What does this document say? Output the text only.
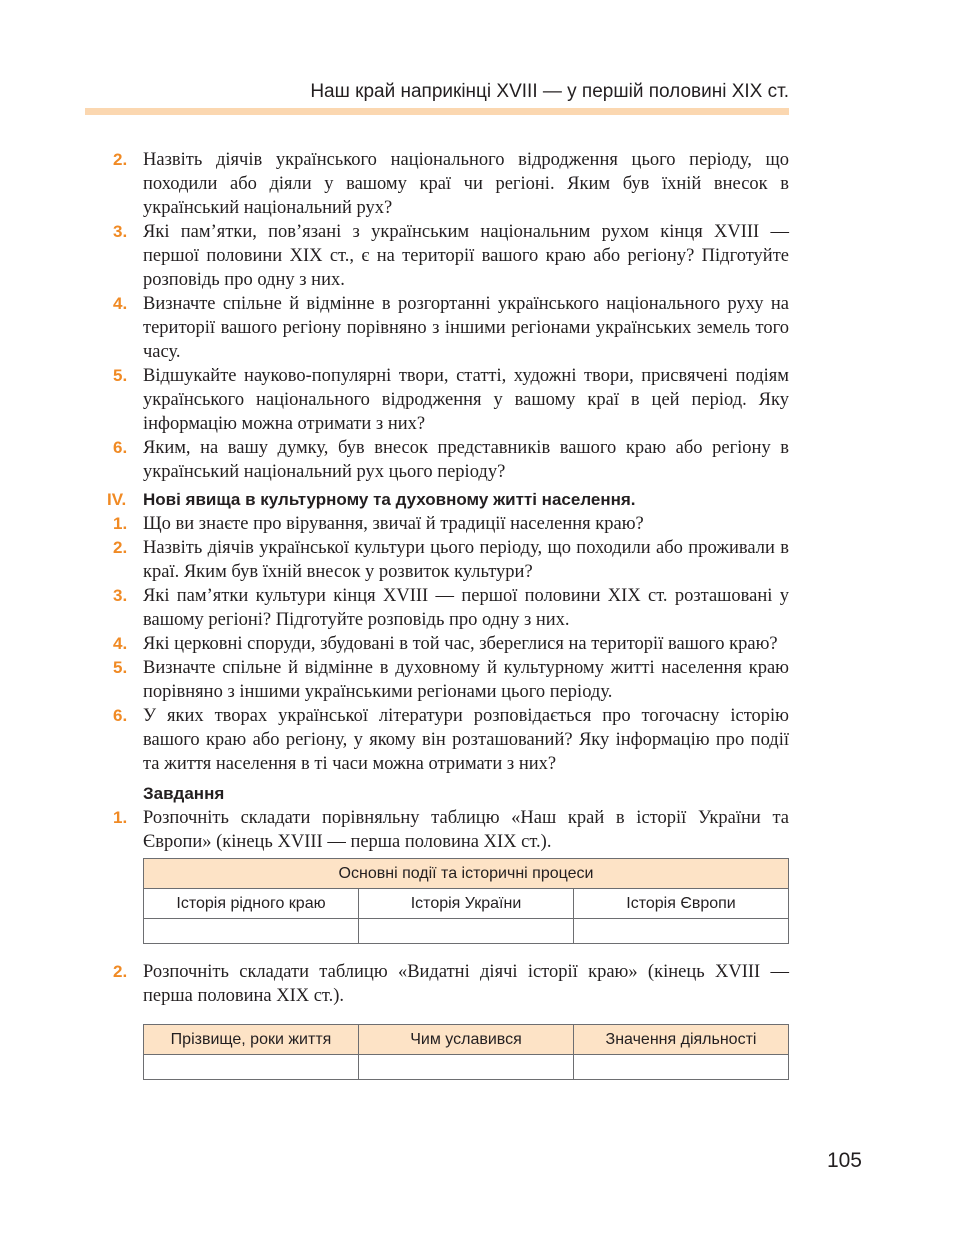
Наш край наприкінці XVIII — у першій половині XIX ст.
2. Назвіть діячів українського національного відродження цього періоду, що походили або діяли у вашому краї чи регіоні. Яким був їхній внесок в український національний рух?
3. Які пам’ятки, пов’язані з українським національним рухом кінця XVIII — першої половини XIX ст., є на території вашого краю або регіону? Підготуйте розповідь про одну з них.
4. Визначте спільне й відмінне в розгортанні українського національного руху на території вашого регіону порівняно з іншими регіонами українських земель того часу.
5. Відшукайте науково-популярні твори, статті, художні твори, присвячені подіям українського національного відродження у вашому краї в цей період. Яку інформацію можна отримати з них?
6. Яким, на вашу думку, був внесок представників вашого краю або регіону в український національний рух цього періоду?
IV. Нові явища в культурному та духовному житті населення.
1. Що ви знаєте про вірування, звичаї й традиції населення краю?
2. Назвіть діячів української культури цього періоду, що походили або проживали в краї. Яким був їхній внесок у розвиток культури?
3. Які пам’ятки культури кінця XVIII — першої половини XIX ст. розташовані у вашому регіоні? Підготуйте розповідь про одну з них.
4. Які церковні споруди, збудовані в той час, збереглися на території вашого краю?
5. Визначте спільне й відмінне в духовному й культурному житті населення краю порівняно з іншими українськими регіонами цього періоду.
6. У яких творах української літератури розповідається про тогочасну історію вашого краю або регіону, у якому він розташований? Яку інформацію про події та життя населення в ті часи можна отримати з них?
Завдання
1. Розпочніть складати порівняльну таблицю «Наш край в історії України та Європи» (кінець XVIII — перша половина XIX ст.).
Основні події та історичні процеси		
Історія рідного краю	Історія України	Історія Європи

2. Розпочніть складати таблицю «Видатні діячі історії краю» (кінець XVIII — перша половина XIX ст.).
Прізвище, роки життя	Чим уславився	Значення діяльності

105
